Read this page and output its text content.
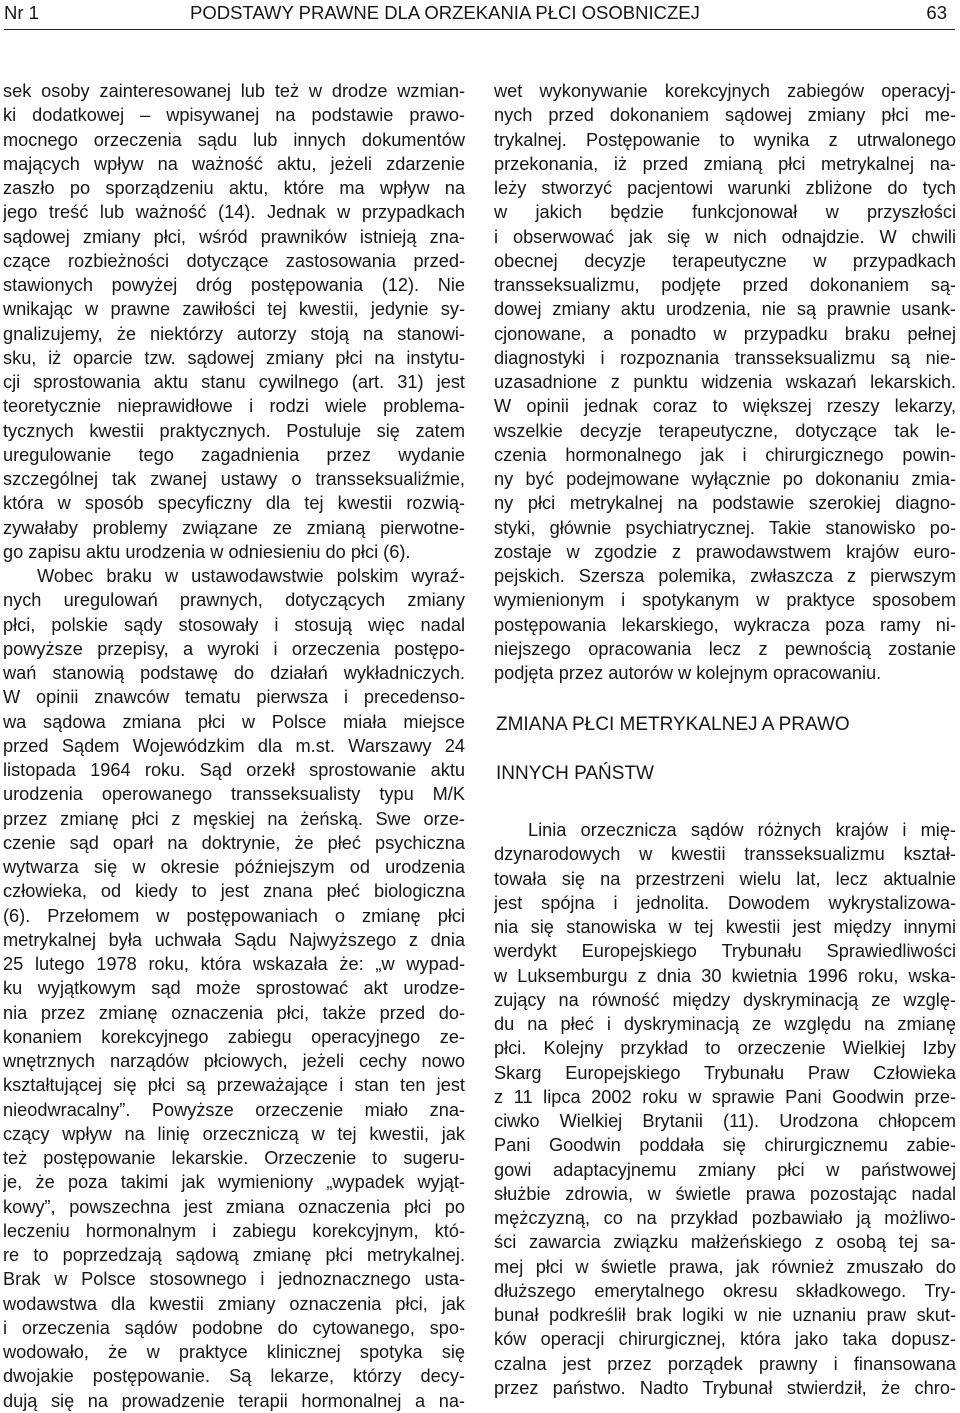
Nr 1	PODSTAWY PRAWNE DLA ORZEKANIA PŁCI OSOBNICZEJ	63
sek osoby zainteresowanej lub też w drodze wzmian-
ki dodatkowej – wpisywanej na podstawie prawo-
mocnego orzeczenia sądu lub innych dokumentów
mających wpływ na ważność aktu, jeżeli zdarzenie
zaszło po sporządzeniu aktu, które ma wpływ na
jego treść lub ważność (14). Jednak w przypadkach
sądowej zmiany płci, wśród prawników istnieją zna-
czące rozbieżności dotyczące zastosowania przed-
stawionych powyżej dróg postępowania (12). Nie
wnikając w prawne zawiłości tej kwestii, jedynie sy-
gnalizujemy, że niektórzy autorzy stoją na stanowi-
sku, iż oparcie tzw. sądowej zmiany płci na instytu-
cji sprostowania aktu stanu cywilnego (art. 31) jest
teoretycznie nieprawidłowe i rodzi wiele problema-
tycznych kwestii praktycznych. Postuluje się zatem
uregulowanie tego zagadnienia przez wydanie
szczególnej tak zwanej ustawy o transseksualiźmie,
która w sposób specyficzny dla tej kwestii rozwią-
zywałaby problemy związane ze zmianą pierwotne-
go zapisu aktu urodzenia w odniesieniu do płci (6).
Wobec braku w ustawodawstwie polskim wyraź-
nych uregulowań prawnych, dotyczących zmiany
płci, polskie sądy stosowały i stosują więc nadal
powyższe przepisy, a wyroki i orzeczenia postępo-
wań stanowią podstawę do działań wykładniczych.
W opinii znawców tematu pierwsza i precedenso-
wa sądowa zmiana płci w Polsce miała miejsce
przed Sądem Wojewódzkim dla m.st. Warszawy 24
listopada 1964 roku. Sąd orzekł sprostowanie aktu
urodzenia operowanego transseksualisty typu M/K
przez zmianę płci z męskiej na żeńską. Swe orze-
czenie sąd oparł na doktrynie, że płeć psychiczna
wytwarza się w okresie późniejszym od urodzenia
człowieka, od kiedy to jest znana płeć biologiczna
(6). Przełomem w postępowaniach o zmianę płci
metrykalnej była uchwała Sądu Najwyższego z dnia
25 lutego 1978 roku, która wskazała że: „w wypad-
ku wyjątkowym sąd może sprostować akt urodze-
nia przez zmianę oznaczenia płci, także przed do-
konaniem korekcyjnego zabiegu operacyjnego ze-
wnętrznych narządów płciowych, jeżeli cechy nowo
kształtującej się płci są przeważające i stan ten jest
nieodwracalny”. Powyższe orzeczenie miało zna-
czący wpływ na linię orzeczniczą w tej kwestii, jak
też postępowanie lekarskie. Orzeczenie to sugeru-
je, że poza takimi jak wymieniony „wypadek wyjąt-
kowy”, powszechna jest zmiana oznaczenia płci po
leczeniu hormonalnym i zabiegu korekcyjnym, któ-
re to poprzedzają sądową zmianę płci metrykalnej.
Brak w Polsce stosownego i jednoznacznego usta-
wodawstwa dla kwestii zmiany oznaczenia płci, jak
i orzeczenia sądów podobne do cytowanego, spo-
wodowało, że w praktyce klinicznej spotyka się
dwojakie postępowanie. Są lekarze, którzy decy-
dują się na prowadzenie terapii hormonalnej a na-
wet wykonywanie korekcyjnych zabiegów operacyj-
nych przed dokonaniem sądowej zmiany płci me-
trykalnej. Postępowanie to wynika z utrwalonego
przekonania, iż przed zmianą płci metrykalnej na-
leży stworzyć pacjentowi warunki zbliżone do tych
w jakich będzie funkcjonował w przyszłości
i obserwować jak się w nich odnajdzie. W chwili
obecnej decyzje terapeutyczne w przypadkach
transseksualizmu, podjęte przed dokonaniem są-
dowej zmiany aktu urodzenia, nie są prawnie usank-
cjonowane, a ponadto w przypadku braku pełnej
diagnostyki i rozpoznania transseksualizmu są nie-
uzasadnione z punktu widzenia wskazań lekarskich.
W opinii jednak coraz to większej rzeszy lekarzy,
wszelkie decyzje terapeutyczne, dotyczące tak le-
czenia hormonalnego jak i chirurgicznego powin-
ny być podejmowane wyłącznie po dokonaniu zmia-
ny płci metrykalnej na podstawie szerokiej diagno-
styki, głównie psychiatrycznej. Takie stanowisko po-
zostaje w zgodzie z prawodawstwem krajów euro-
pejskich. Szersza polemika, zwłaszcza z pierwszym
wymienionym i spotykanym w praktyce sposobem
postępowania lekarskiego, wykracza poza ramy ni-
niejszego opracowania lecz z pewnością zostanie
podjęta przez autorów w kolejnym opracowaniu.
ZMIANA PŁCI METRYKALNEJ A PRAWO
INNYCH PAŃSTW
Linia orzecznicza sądów różnych krajów i mię-
dzynarodowych w kwestii transseksualizmu kształ-
towała się na przestrzeni wielu lat, lecz aktualnie
jest spójna i jednolita. Dowodem wykrystalizowa-
nia się stanowiska w tej kwestii jest między innymi
werdykt Europejskiego Trybunału Sprawiedliwości
w Luksemburgu z dnia 30 kwietnia 1996 roku, wska-
zujący na równość między dyskryminacją ze wzglę-
du na płeć i dyskryminacją ze względu na zmianę
płci. Kolejny przykład to orzeczenie Wielkiej Izby
Skarg Europejskiego Trybunału Praw Człowieka
z 11 lipca 2002 roku w sprawie Pani Goodwin prze-
ciwko Wielkiej Brytanii (11). Urodzona chłopcem
Pani Goodwin poddała się chirurgicznemu zabie-
gowi adaptacyjnemu zmiany płci w państwowej
służbie zdrowia, w świetle prawa pozostając nadal
mężczyzną, co na przykład pozbawiało ją możliwo-
ści zawarcia związku małżeńskiego z osobą tej sa-
mej płci w świetle prawa, jak również zmuszało do
dłuższego emerytalnego okresu składkowego. Try-
bunał podkreślił brak logiki w nie uznaniu praw skut-
ków operacji chirurgicznej, która jako taka dopusz-
czalna jest przez porządek prawny i finansowana
przez państwo. Nadto Trybunał stwierdził, że chro-
